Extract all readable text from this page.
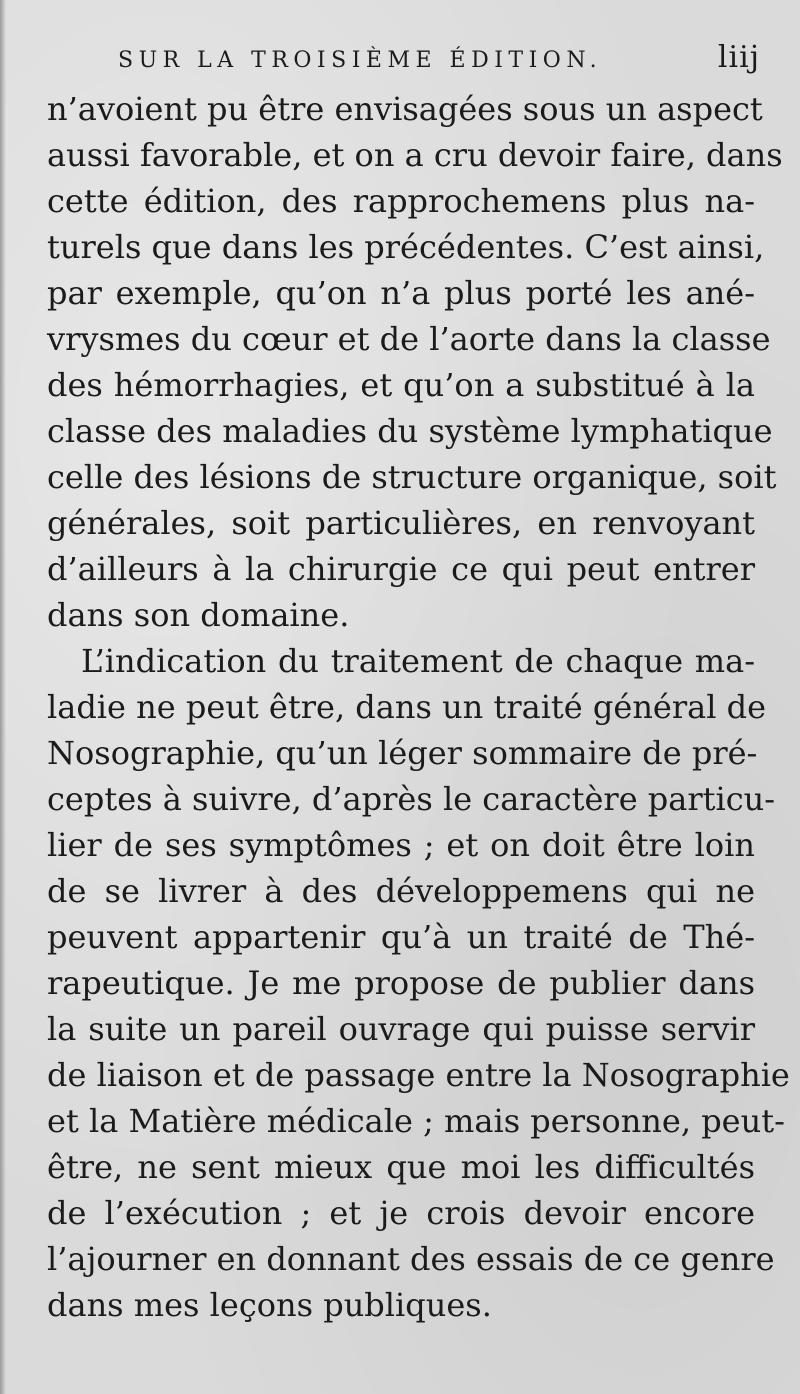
SUR LA TROISIÈME ÉDITION.	liij
n’avoient pu être envisagées sous un aspect
aussi favorable, et on a cru devoir faire, dans
cette édition, des rapprochemens plus na-
turels que dans les précédentes. C’est ainsi,
par exemple, qu’on n’a plus porté les ané-
vrysmes du cœur et de l’aorte dans la classe
des hémorrhagies, et qu’on a substitué à la
classe des maladies du système lymphatique
celle des lésions de structure organique, soit
générales, soit particulières, en renvoyant
d’ailleurs à la chirurgie ce qui peut entrer
dans son domaine.
L’indication du traitement de chaque ma-
ladie ne peut être, dans un traité général de
Nosographie, qu’un léger sommaire de pré-
ceptes à suivre, d’après le caractère particu-
lier de ses symptômes ; et on doit être loin
de se livrer à des développemens qui ne
peuvent appartenir qu’à un traité de Thé-
rapeutique. Je me propose de publier dans
la suite un pareil ouvrage qui puisse servir
de liaison et de passage entre la Nosographie
et la Matière médicale ; mais personne, peut-
être, ne sent mieux que moi les difficultés
de l’exécution ; et je crois devoir encore
l’ajourner en donnant des essais de ce genre
dans mes leçons publiques.
